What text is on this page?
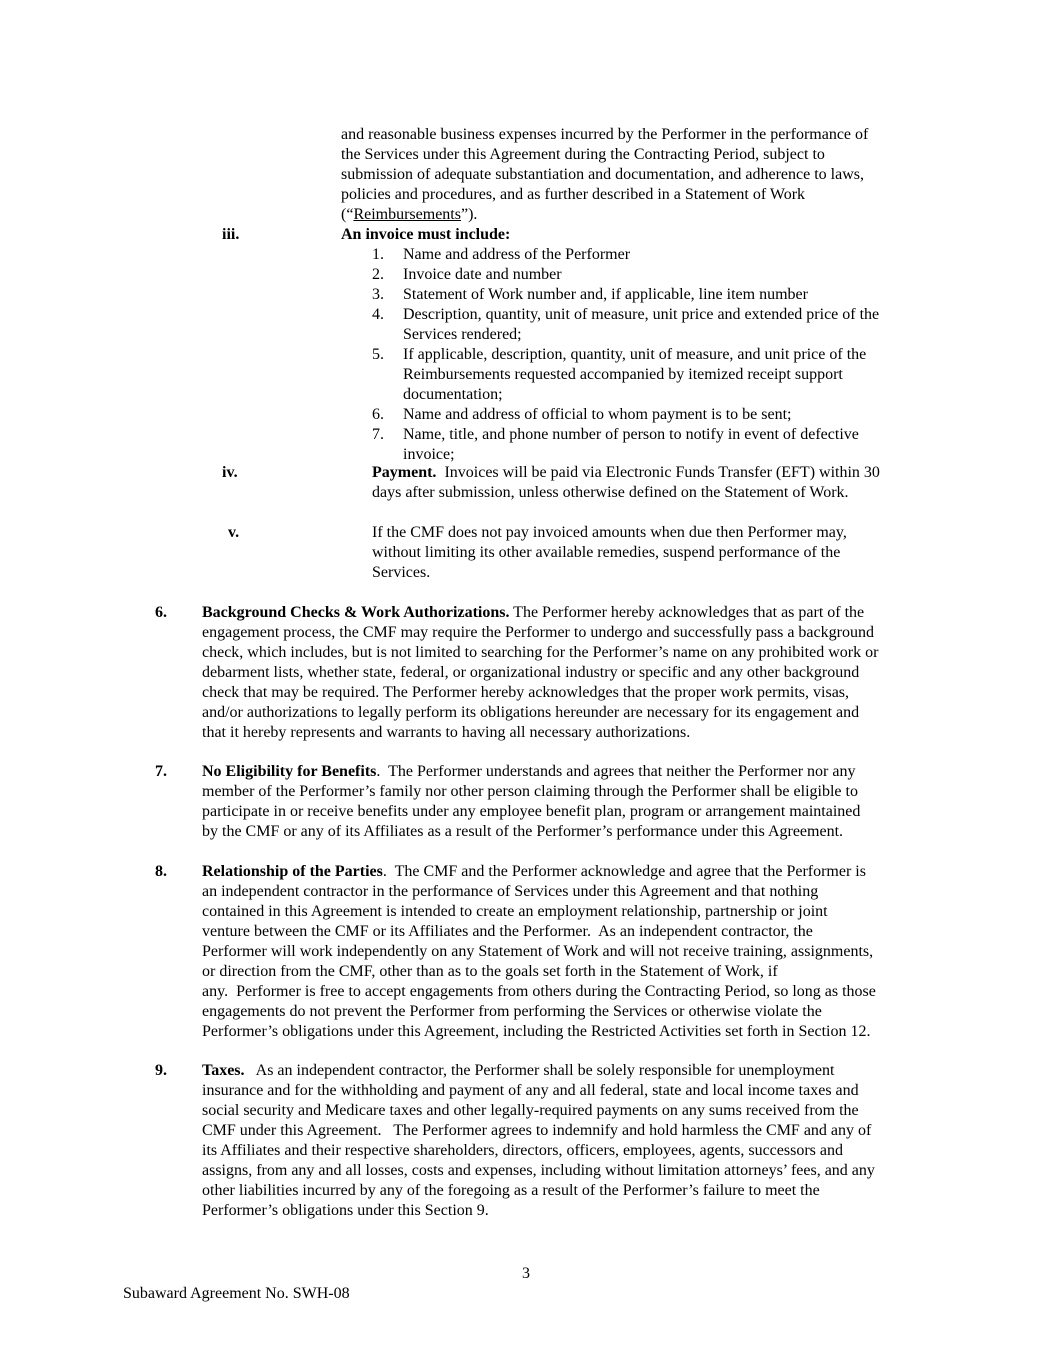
and reasonable business expenses incurred by the Performer in the performance of
the Services under this Agreement during the Contracting Period, subject to
submission of adequate substantiation and documentation, and adherence to laws,
policies and procedures, and as further described in a Statement of Work
(“Reimbursements”).
iii.	An invoice must include:
1. Name and address of the Performer
2. Invoice date and number
3. Statement of Work number and, if applicable, line item number
4. Description, quantity, unit of measure, unit price and extended price of the
Services rendered;
5. If applicable, description, quantity, unit of measure, and unit price of the
Reimbursements requested accompanied by itemized receipt support
documentation;
6. Name and address of official to whom payment is to be sent;
7. Name, title, and phone number of person to notify in event of defective
invoice;
iv.	Payment.  Invoices will be paid via Electronic Funds Transfer (EFT) within 30
days after submission, unless otherwise defined on the Statement of Work.
v.	If the CMF does not pay invoiced amounts when due then Performer may,
without limiting its other available remedies, suspend performance of the
Services.
6. Background Checks & Work Authorizations. The Performer hereby acknowledges that as part of the
engagement process, the CMF may require the Performer to undergo and successfully pass a background
check, which includes, but is not limited to searching for the Performer’s name on any prohibited work or
debarment lists, whether state, federal, or organizational industry or specific and any other background
check that may be required. The Performer hereby acknowledges that the proper work permits, visas,
and/or authorizations to legally perform its obligations hereunder are necessary for its engagement and
that it hereby represents and warrants to having all necessary authorizations.
7. No Eligibility for Benefits.  The Performer understands and agrees that neither the Performer nor any
member of the Performer’s family nor other person claiming through the Performer shall be eligible to
participate in or receive benefits under any employee benefit plan, program or arrangement maintained
by the CMF or any of its Affiliates as a result of the Performer’s performance under this Agreement.
8. Relationship of the Parties.  The CMF and the Performer acknowledge and agree that the Performer is
an independent contractor in the performance of Services under this Agreement and that nothing
contained in this Agreement is intended to create an employment relationship, partnership or joint
venture between the CMF or its Affiliates and the Performer.  As an independent contractor, the
Performer will work independently on any Statement of Work and will not receive training, assignments,
or direction from the CMF, other than as to the goals set forth in the Statement of Work, if
any.  Performer is free to accept engagements from others during the Contracting Period, so long as those
engagements do not prevent the Performer from performing the Services or otherwise violate the
Performer’s obligations under this Agreement, including the Restricted Activities set forth in Section 12.
9. Taxes.   As an independent contractor, the Performer shall be solely responsible for unemployment
insurance and for the withholding and payment of any and all federal, state and local income taxes and
social security and Medicare taxes and other legally-required payments on any sums received from the
CMF under this Agreement.   The Performer agrees to indemnify and hold harmless the CMF and any of
its Affiliates and their respective shareholders, directors, officers, employees, agents, successors and
assigns, from any and all losses, costs and expenses, including without limitation attorneys’ fees, and any
other liabilities incurred by any of the foregoing as a result of the Performer’s failure to meet the
Performer’s obligations under this Section 9.
3
Subaward Agreement No. SWH-08
